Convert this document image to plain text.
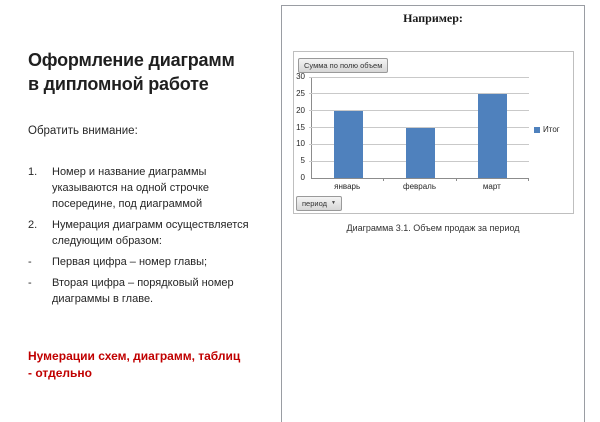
Оформление диаграмм
в дипломной работе
Обратить внимание:
1.	Номер и название диаграммы указываются на одной строчке посередине, под диаграммой
2.	Нумерация диаграмм осуществляется следующим образом:
-	Первая цифра – номер главы;
-	Вторая цифра – порядковый номер диаграммы в главе.
Нумерации схем, диаграмм, таблиц
- отдельно
Например:
Сумма по полю объем
0
5
10
15
20
25
30
январь	февраль	март
Итог
период ▼
Диаграмма 3.1. Объем продаж за период
